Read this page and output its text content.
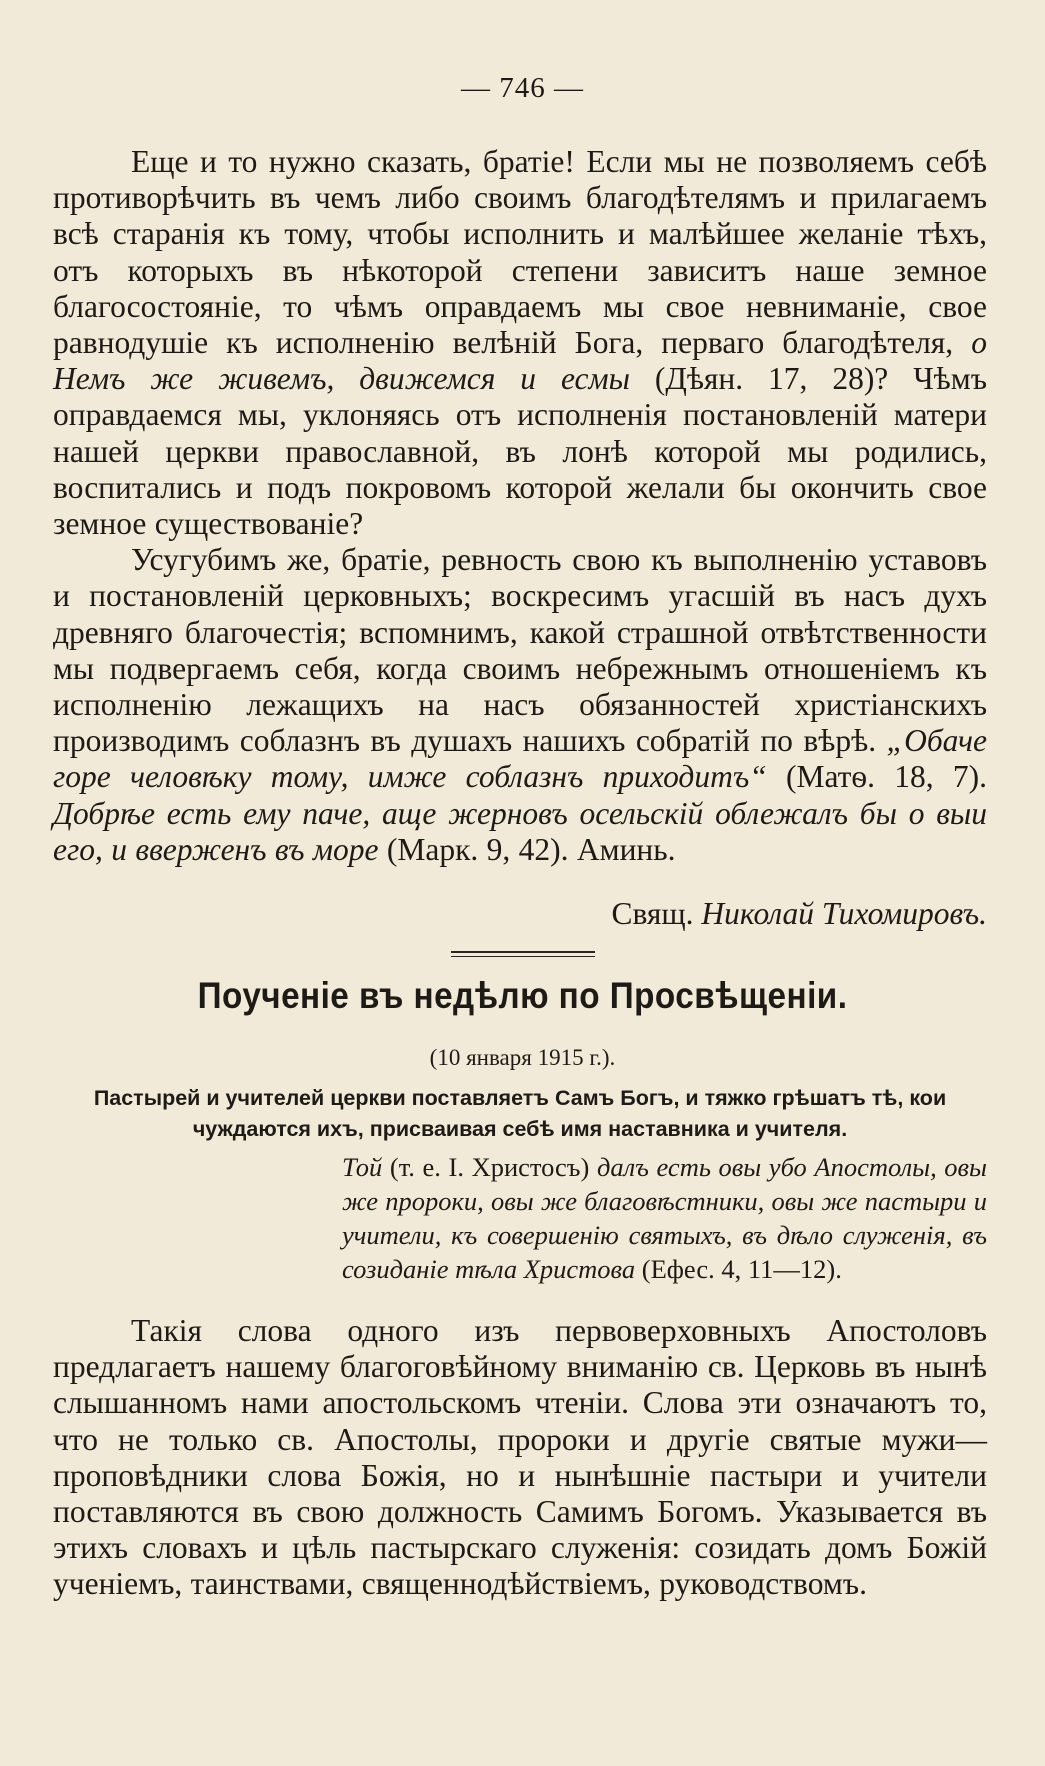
— 746 —

Еще и то нужно сказать, братіе! Если мы не позволяемъ себѣ противорѣчить въ чемъ либо своимъ благодѣтелямъ и прилагаемъ всѣ старанія къ тому, чтобы исполнить и малѣйшее желаніе тѣхъ, отъ которыхъ въ нѣкоторой степени зависитъ наше земное благосостояніе, то чѣмъ оправдаемъ мы свое невниманіе, свое равнодушіе къ исполненію велѣній Бога, перваго благодѣтеля, о Немъ же живемъ, движемся и есмы (Дѣян. 17, 28)? Чѣмъ оправдаемся мы, уклоняясь отъ исполненія постановленій матери нашей церкви православной, въ лонѣ которой мы родились, воспитались и подъ покровомъ которой желали бы окончить свое земное существованіе?

Усугубимъ же, братіе, ревность свою къ выполненію уставовъ и постановленій церковныхъ; воскресимъ угасшій въ насъ духъ древняго благочестія; вспомнимъ, какой страшной отвѣтственности мы подвергаемъ себя, когда своимъ небрежнымъ отношеніемъ къ исполненію лежащихъ на насъ обязанностей христіанскихъ производимъ соблазнъ въ душахъ нашихъ собратій по вѣрѣ. „Обаче горе человѣку тому, имже соблазнъ приходитъ“ (Матѳ. 18, 7). Добрѣе есть ему паче, аще жерновъ осельскій облежалъ бы о выи его, и вверженъ въ море (Марк. 9, 42). Аминь.

Свящ. Николай Тихомировъ.
Поученіе въ недѣлю по Просвѣщеніи.
(10 января 1915 г.).
Пастырей и учителей церкви поставляетъ Самъ Богъ, и тяжко грѣшатъ тѣ, кои чуждаются ихъ, присваивая себѣ имя наставника и учителя.

Той (т. е. І. Христосъ) далъ есть овы убо Апостолы, овы же пророки, овы же благовѣстники, овы же пастыри и учители, къ совершенію святыхъ, въ дѣло служенія, въ созиданіе тѣла Христова (Ефес. 4, 11—12).

Такія слова одного изъ первоверховныхъ Апостоловъ предлагаетъ нашему благоговѣйному вниманію св. Церковь въ нынѣ слышанномъ нами апостольскомъ чтеніи. Слова эти означаютъ то, что не только св. Апостолы, пророки и другіе святые мужи—проповѣдники слова Божія, но и нынѣшніе пастыри и учители поставляются въ свою должность Самимъ Богомъ. Указывается въ этихъ словахъ и цѣль пастырскаго служенія: созидать домъ Божій ученіемъ, таинствами, священнодѣйствіемъ, руководствомъ.
